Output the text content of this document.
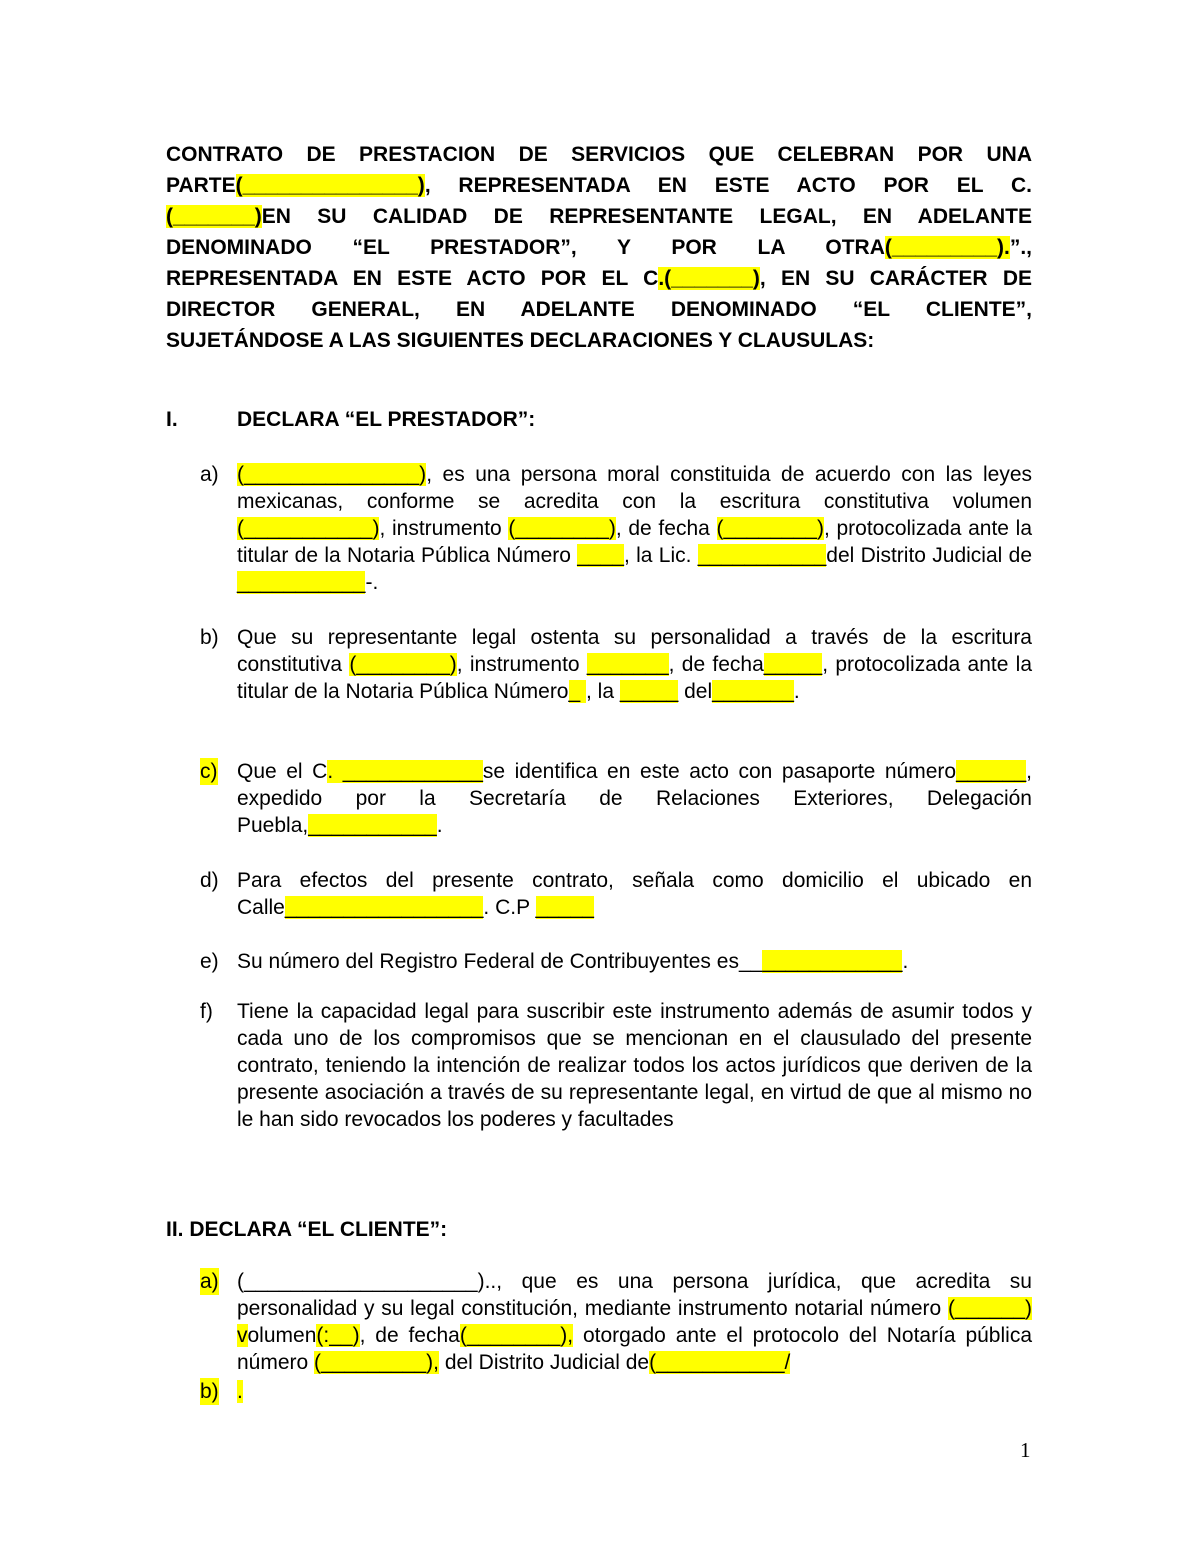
CONTRATO DE PRESTACION DE SERVICIOS QUE CELEBRAN POR UNA
PARTE(_______________), REPRESENTADA EN ESTE ACTO POR EL C.
(_______)EN SU CALIDAD DE REPRESENTANTE LEGAL, EN ADELANTE
DENOMINADO “EL PRESTADOR”, Y POR LA OTRA(_________).”.,
REPRESENTADA EN ESTE ACTO POR EL C.(_______), EN SU CARÁCTER DE
DIRECTOR GENERAL, EN ADELANTE DENOMINADO “EL CLIENTE”,
SUJETÁNDOSE A LAS SIGUIENTES DECLARACIONES Y CLAUSULAS:
I.	DECLARA “EL PRESTADOR”:
a) (_______________), es una persona moral constituida de acuerdo con las leyes mexicanas, conforme se acredita con la escritura constitutiva volumen (___________), instrumento (________), de fecha (________), protocolizada ante la titular de la Notaria Pública Número ____, la Lic. ___________del Distrito Judicial de ___________-.
b) Que su representante legal ostenta su personalidad a través de la escritura constitutiva (________), instrumento _______, de fecha_____, protocolizada ante la titular de la Notaria Pública Número_ , la _____ del_______.
c) Que el C. ____________se identifica en este acto con pasaporte número______, expedido por la Secretaría de Relaciones Exteriores, Delegación Puebla,___________.
d) Para efectos del presente contrato, señala como domicilio el ubicado en Calle_________________. C.P _____
e) Su número del Registro Federal de Contribuyentes es______________.
f)	Tiene la capacidad legal para suscribir este instrumento además de asumir todos y cada uno de los compromisos que se mencionan en el clausulado del presente contrato, teniendo la intención de realizar todos los actos jurídicos que deriven de la presente asociación a través de su representante legal, en virtud de que al mismo no le han sido revocados los poderes y facultades
II. DECLARA “EL CLIENTE”:
a) (____________________).., que es una persona jurídica, que acredita su personalidad y su legal constitución, mediante instrumento notarial número (______) volumen(:__), de fecha(________), otorgado ante el protocolo del Notaría pública número (_________), del Distrito Judicial de(___________/
b) .
1
